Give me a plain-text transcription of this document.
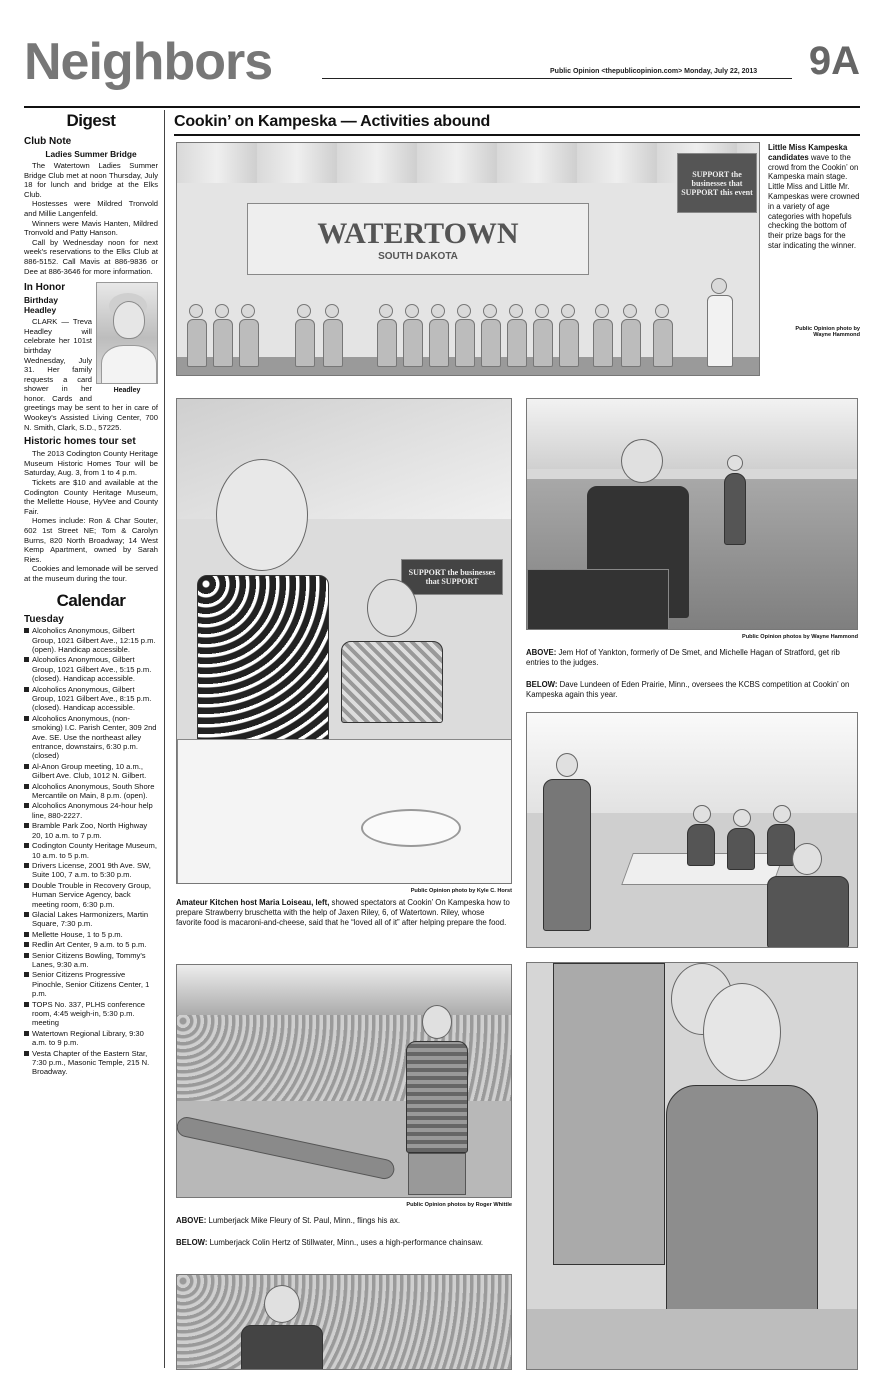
Neighbors	Public Opinion <thepublicopinion.com> Monday, July 22, 2013 9A
Digest
Club Note
Ladies Summer Bridge

The Watertown Ladies Summer Bridge Club met at noon Thursday, July 18 for lunch and bridge at the Elks Club.

Hostesses were Mildred Tronvold and Millie Langenfeld.

Winners were Mavis Hanten, Mildred Tronvold and Patty Hanson.

Call by Wednesday noon for next week's reservations to the Elks Club at 886-5152. Call Mavis at 886-9836 or Dee at 886-3646 for more information.

Headley
In Honor
Birthday
Headley

CLARK — Treva Headley will celebrate her 101st birthday Wednesday, July 31. Her family requests a card shower in her honor. Cards and greetings may be sent to her in care of Wookey's Assisted Living Center, 700 N. Smith, Clark, S.D., 57225.

Historic homes tour set

The 2013 Codington County Heritage Museum Historic Homes Tour will be Saturday, Aug. 3, from 1 to 4 p.m.

Tickets are $10 and available at the Codington County Heritage Museum, the Mellette House, HyVee and County Fair.

Homes include: Ron & Char Souter, 602 1st Street NE; Tom & Carolyn Burns, 820 North Broadway; 14 West Kemp Apartment, owned by Sarah Ries.

Cookies and lemonade will be served at the museum during the tour.

Calendar
Tuesday
Alcoholics Anonymous, Gilbert Group, 1021 Gilbert Ave., 12:15 p.m. (open). Handicap accessible.
Alcoholics Anonymous, Gilbert Group, 1021 Gilbert Ave., 5:15 p.m. (closed). Handicap accessible.
Alcoholics Anonymous, Gilbert Group, 1021 Gilbert Ave., 8:15 p.m. (closed). Handicap accessible.
Alcoholics Anonymous, (non-smoking) I.C. Parish Center, 309 2nd Ave. SE. Use the northeast alley entrance, downstairs, 6:30 p.m. (closed)
Al-Anon Group meeting, 10 a.m., Gilbert Ave. Club, 1012 N. Gilbert.
Alcoholics Anonymous, South Shore Mercantile on Main, 8 p.m. (open).
Alcoholics Anonymous 24-hour help line, 880-2227.
Bramble Park Zoo, North Highway 20, 10 a.m. to 7 p.m.
Codington County Heritage Museum, 10 a.m. to 5 p.m.
Drivers License, 2001 9th Ave. SW, Suite 100, 7 a.m. to 5:30 p.m.
Double Trouble in Recovery Group, Human Service Agency, back meeting room, 6:30 p.m.
Glacial Lakes Harmonizers, Martin Square, 7:30 p.m.
Mellette House, 1 to 5 p.m.
Redlin Art Center, 9 a.m. to 5 p.m.
Senior Citizens Bowling, Tommy's Lanes, 9:30 a.m.
Senior Citizens Progressive Pinochle, Senior Citizens Center, 1 p.m.
TOPS No. 337, PLHS conference room, 4:45 weigh-in, 5:30 p.m. meeting
Watertown Regional Library, 9:30 a.m. to 9 p.m.
Vesta Chapter of the Eastern Star, 7:30 p.m., Masonic Temple, 215 N. Broadway.
Cookin’ on Kampeska — Activities abound
WATERTOWN
SOUTH DAKOTA
SUPPORT the businesses that SUPPORT this event
Little Miss Kampeska candidates wave to the crowd from the Cookin’ on Kampeska main stage. Little Miss and Little Mr. Kampeskas were crowned in a variety of age categories with hopefuls checking the bottom of their prize bags for the star indicating the winner.
Public Opinion photo by
Wayne Hammond
SUPPORT the businesses that SUPPORT
Public Opinion photo by Kyle C. Horst
Amateur Kitchen host Maria Loiseau, left, showed spectators at Cookin’ On Kampeska how to prepare Strawberry bruschetta with the help of Jaxen Riley, 6, of Watertown. Riley, whose favorite food is macaroni-and-cheese, said that he “loved all of it” after helping prepare the food.
Public Opinion photos by Wayne Hammond
ABOVE: Jem Hof of Yankton, formerly of De Smet, and Michelle Hagan of Stratford, get rib entries to the judges.
BELOW: Dave Lundeen of Eden Prairie, Minn., oversees the KCBS competition at Cookin’ on Kampeska again this year.
Public Opinion photos by Roger Whittle
ABOVE: Lumberjack Mike Fleury of St. Paul, Minn., flings his ax.
BELOW: Lumberjack Colin Hertz of Stillwater, Minn., uses a high-performance chainsaw.
